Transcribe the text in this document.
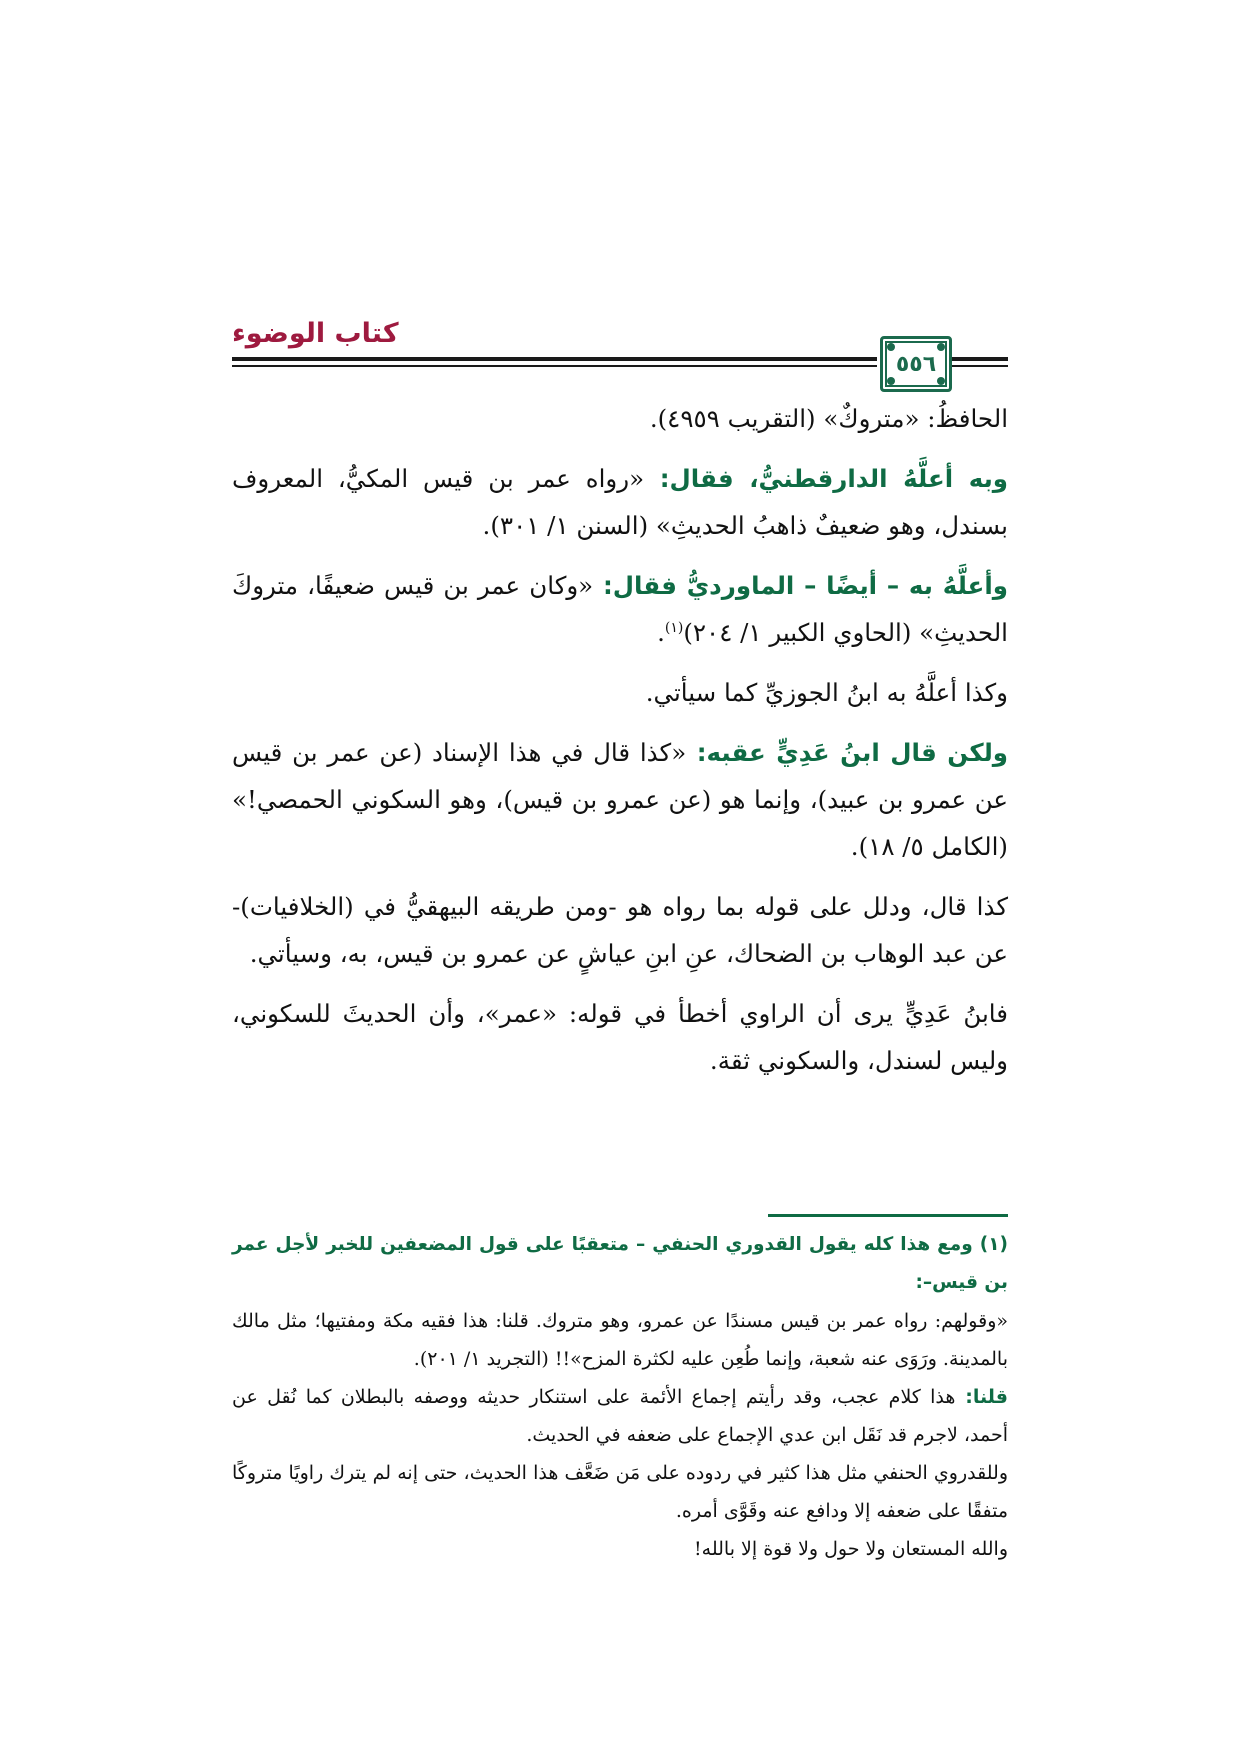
كتاب الوضوء
٥٥٦

الحافظُ: «متروكٌ» (التقريب ٤٩٥٩).

وبه أعلَّهُ الدارقطنيُّ، فقال: «رواه عمر بن قيس المكيُّ، المعروف بسندل، وهو ضعيفٌ ذاهبُ الحديثِ» (السنن ١/ ٣٠١).

وأعلَّهُ به – أيضًا – الماورديُّ فقال: «وكان عمر بن قيس ضعيفًا، متروكَ الحديثِ» (الحاوي الكبير ١/ ٢٠٤)$^{(١)}$.

وكذا أعلَّهُ به ابنُ الجوزيِّ كما سيأتي.

ولكن قال ابنُ عَدِيٍّ عقبه: «كذا قال في هذا الإسناد (عن عمر بن قيس عن عمرو بن عبيد)، وإنما هو (عن عمرو بن قيس)، وهو السكوني الحمصي!» (الكامل ٥/ ١٨).

كذا قال، ودلل على قوله بما رواه هو -ومن طريقه البيهقيُّ في (الخلافيات)- عن عبد الوهاب بن الضحاك، عنِ ابنِ عياشٍ عن عمرو بن قيس، به، وسيأتي.

فابنُ عَدِيٍّ يرى أن الراوي أخطأ في قوله: «عمر»، وأن الحديثَ للسكوني، وليس لسندل، والسكوني ثقة.

(١) ومع هذا كله يقول القدوري الحنفي – متعقبًا على قول المضعفين للخبر لأجل عمر بن قيس–:

«وقولهم: رواه عمر بن قيس مسندًا عن عمرو، وهو متروك. قلنا: هذا فقيه مكة ومفتيها؛ مثل مالك بالمدينة. ورَوَى عنه شعبة، وإنما طُعِن عليه لكثرة المزح»!! (التجريد ١/ ٢٠١).

قلنا: هذا كلام عجب، وقد رأيتم إجماع الأئمة على استنكار حديثه ووصفه بالبطلان كما نُقل عن أحمد، لاجرم قد نَقَل ابن عدي الإجماع على ضعفه في الحديث.

وللقدروي الحنفي مثل هذا كثير في ردوده على مَن ضَعَّف هذا الحديث، حتى إنه لم يترك راويًا متروكًا متفقًا على ضعفه إلا ودافع عنه وقَوَّى أمره.

والله المستعان ولا حول ولا قوة إلا بالله!
